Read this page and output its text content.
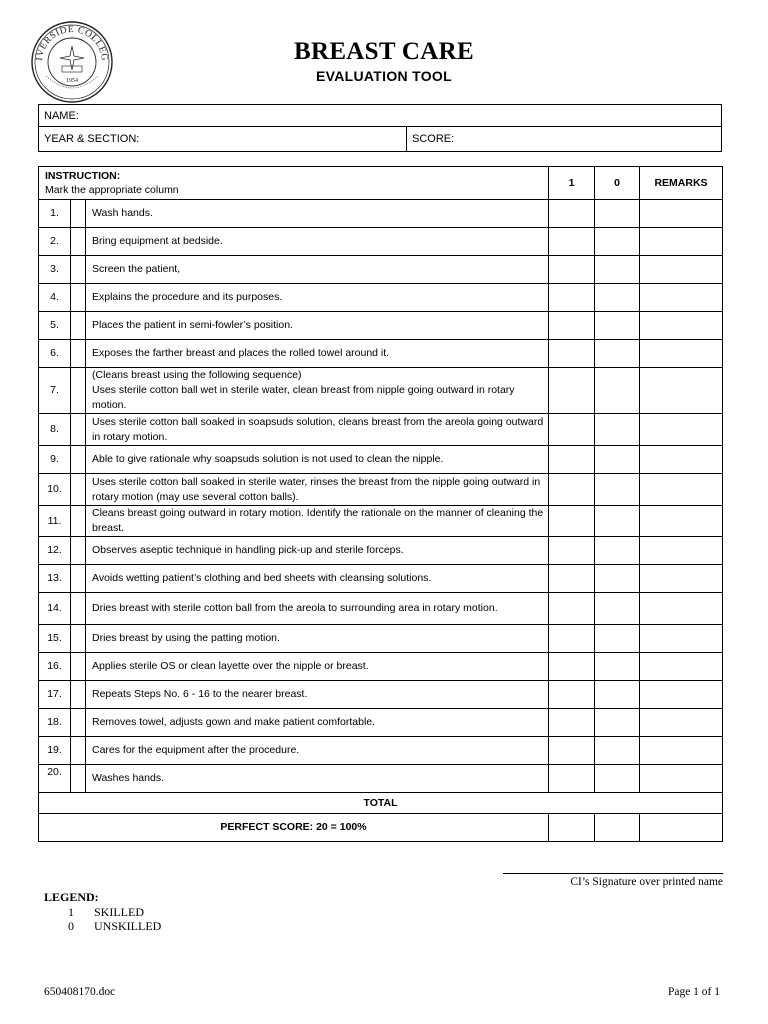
IVERSIDE COLLEG
1954
BREAST CARE
EVALUATION TOOL
NAME:
YEAR & SECTION:	SCORE:
INSTRUCTION:
Mark the appropriate column			1	0	REMARKS
1.		Wash hands.			
2.		Bring equipment at bedside.			
3.		Screen the patient,			
4.		Explains the procedure and its purposes.			
5.		Places the patient in semi-fowler’s position.			
6.		Exposes the farther breast and places the rolled towel around it.			
7.		(Cleans breast using the following sequence)
Uses sterile cotton ball wet in sterile water, clean breast from nipple going outward in rotary motion.			
8.		Uses sterile cotton ball soaked in soapsuds solution, cleans breast from the areola going outward in rotary motion.			
9.		Able to give rationale why soapsuds solution is not used to clean the nipple.			
10.		Uses sterile cotton ball soaked in sterile water, rinses the breast from the nipple going outward in rotary motion (may use several cotton balls).			
11.		Cleans breast going outward in rotary motion. Identify the rationale on the manner of cleaning the breast.			
12.		Observes aseptic technique in handling pick-up and sterile forceps.			
13.		Avoids wetting patient’s clothing and bed sheets with cleansing solutions.			
14.		Dries breast with sterile cotton ball from the areola to surrounding area in rotary motion.			
15.		Dries breast by using the patting motion.			
16.		Applies sterile OS or clean layette over the nipple or breast.			
17.		Repeats Steps No. 6 - 16 to the nearer breast.			
18.		Removes towel, adjusts gown and make patient comfortable.			
19.		Cares for the equipment after the procedure.			
20.		Washes hands.			
TOTAL					
PERFECT SCORE: 20 = 100%					
CI’s Signature over printed name
LEGEND:
1 SKILLED
0 UNSKILLED
650408170.doc	Page 1 of 1
